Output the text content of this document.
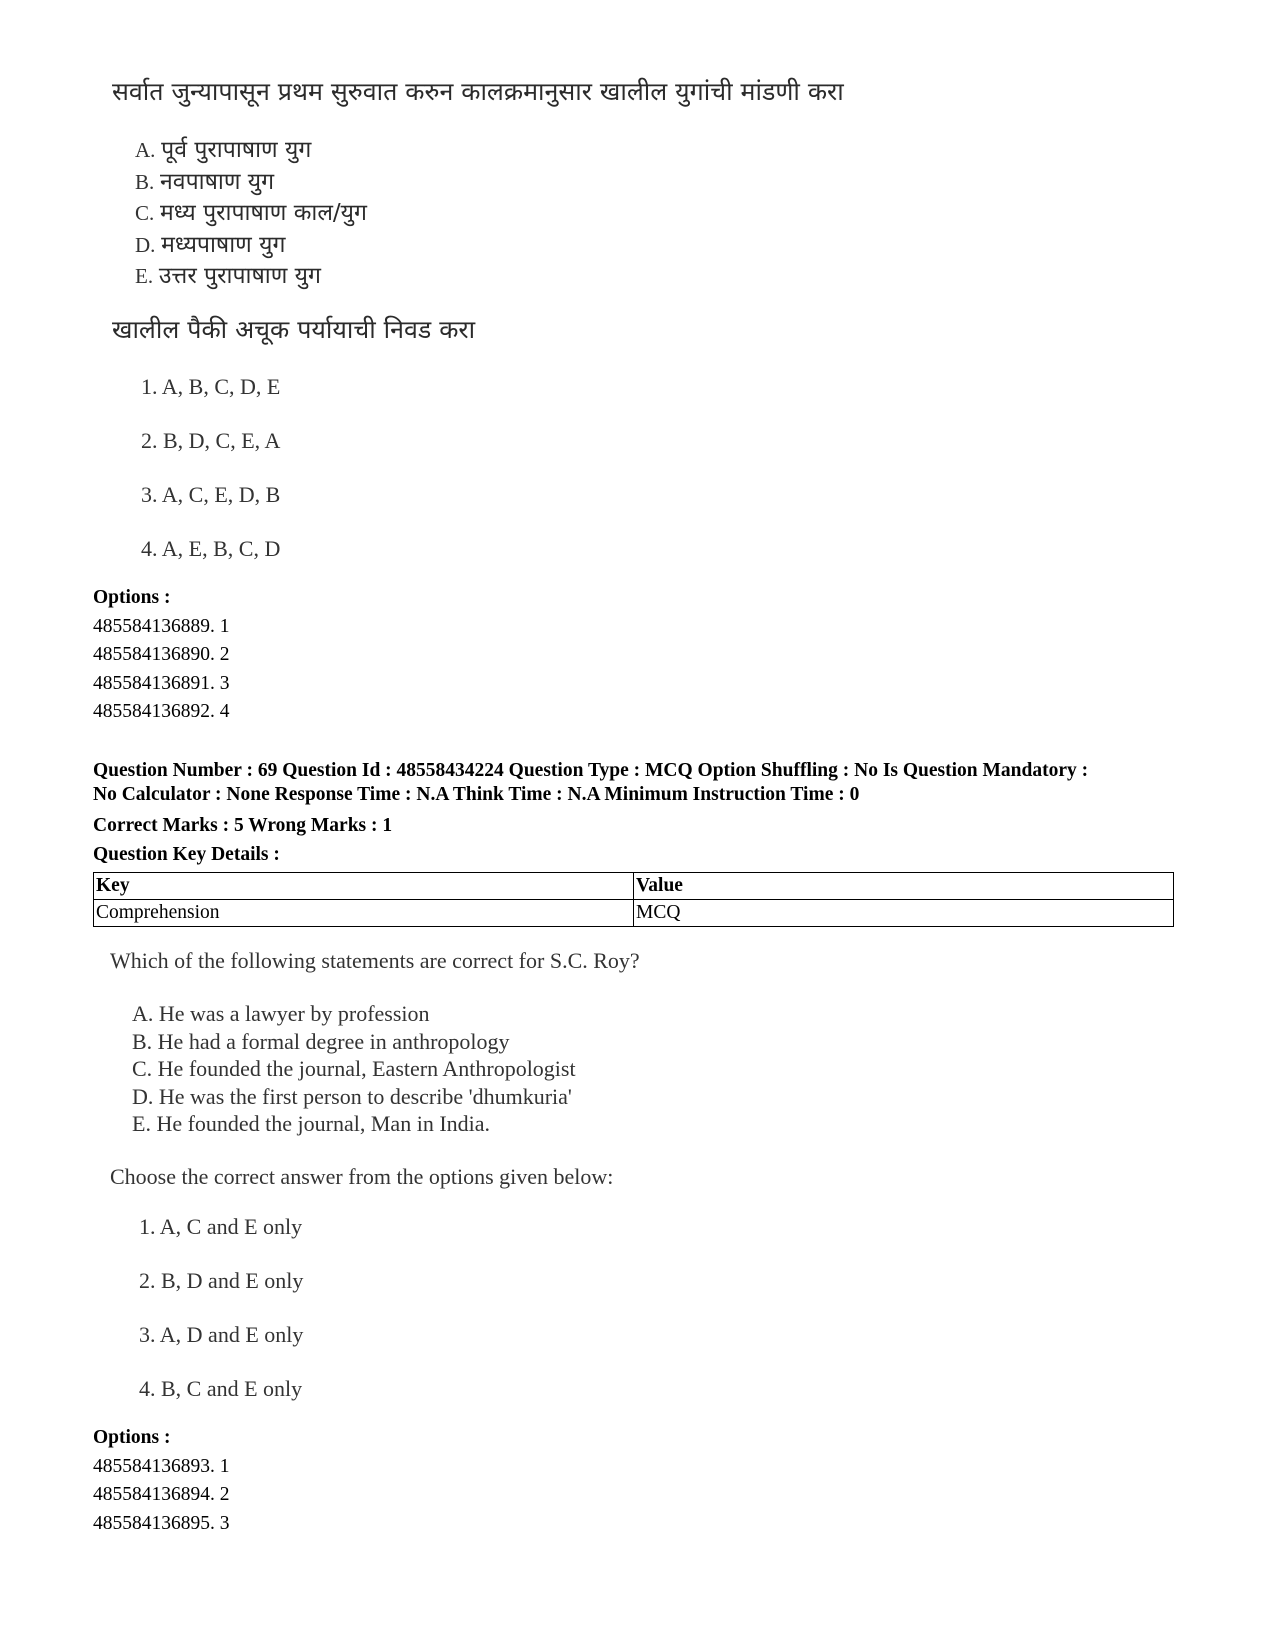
सर्वात जुन्यापासून प्रथम सुरुवात करुन कालक्रमानुसार खालील युगांची मांडणी करा

A. पूर्व पुरापाषाण युग
B. नवपाषाण युग
C. मध्य पुरापाषाण काल/युग
D. मध्यपाषाण युग
E. उत्तर पुरापाषाण युग

खालील पैकी अचूक पर्यायाची निवड करा

1. A, B, C, D, E
2. B, D, C, E, A
3. A, C, E, D, B
4. A, E, B, C, D
Options :
485584136889. 1
485584136890. 2
485584136891. 3
485584136892. 4

Question Number : 69 Question Id : 48558434224 Question Type : MCQ Option Shuffling : No Is Question Mandatory :
No Calculator : None Response Time : N.A Think Time : N.A Minimum Instruction Time : 0

Correct Marks : 5 Wrong Marks : 1

Question Key Details :

Key	Value
Comprehension	MCQ

Which of the following statements are correct for S.C. Roy?

A. He was a lawyer by profession
B. He had a formal degree in anthropology
C. He founded the journal, Eastern Anthropologist
D. He was the first person to describe 'dhumkuria'
E. He founded the journal, Man in India.

Choose the correct answer from the options given below:

1. A, C and E only
2. B, D and E only
3. A, D and E only
4. B, C and E only
Options :
485584136893. 1
485584136894. 2
485584136895. 3
